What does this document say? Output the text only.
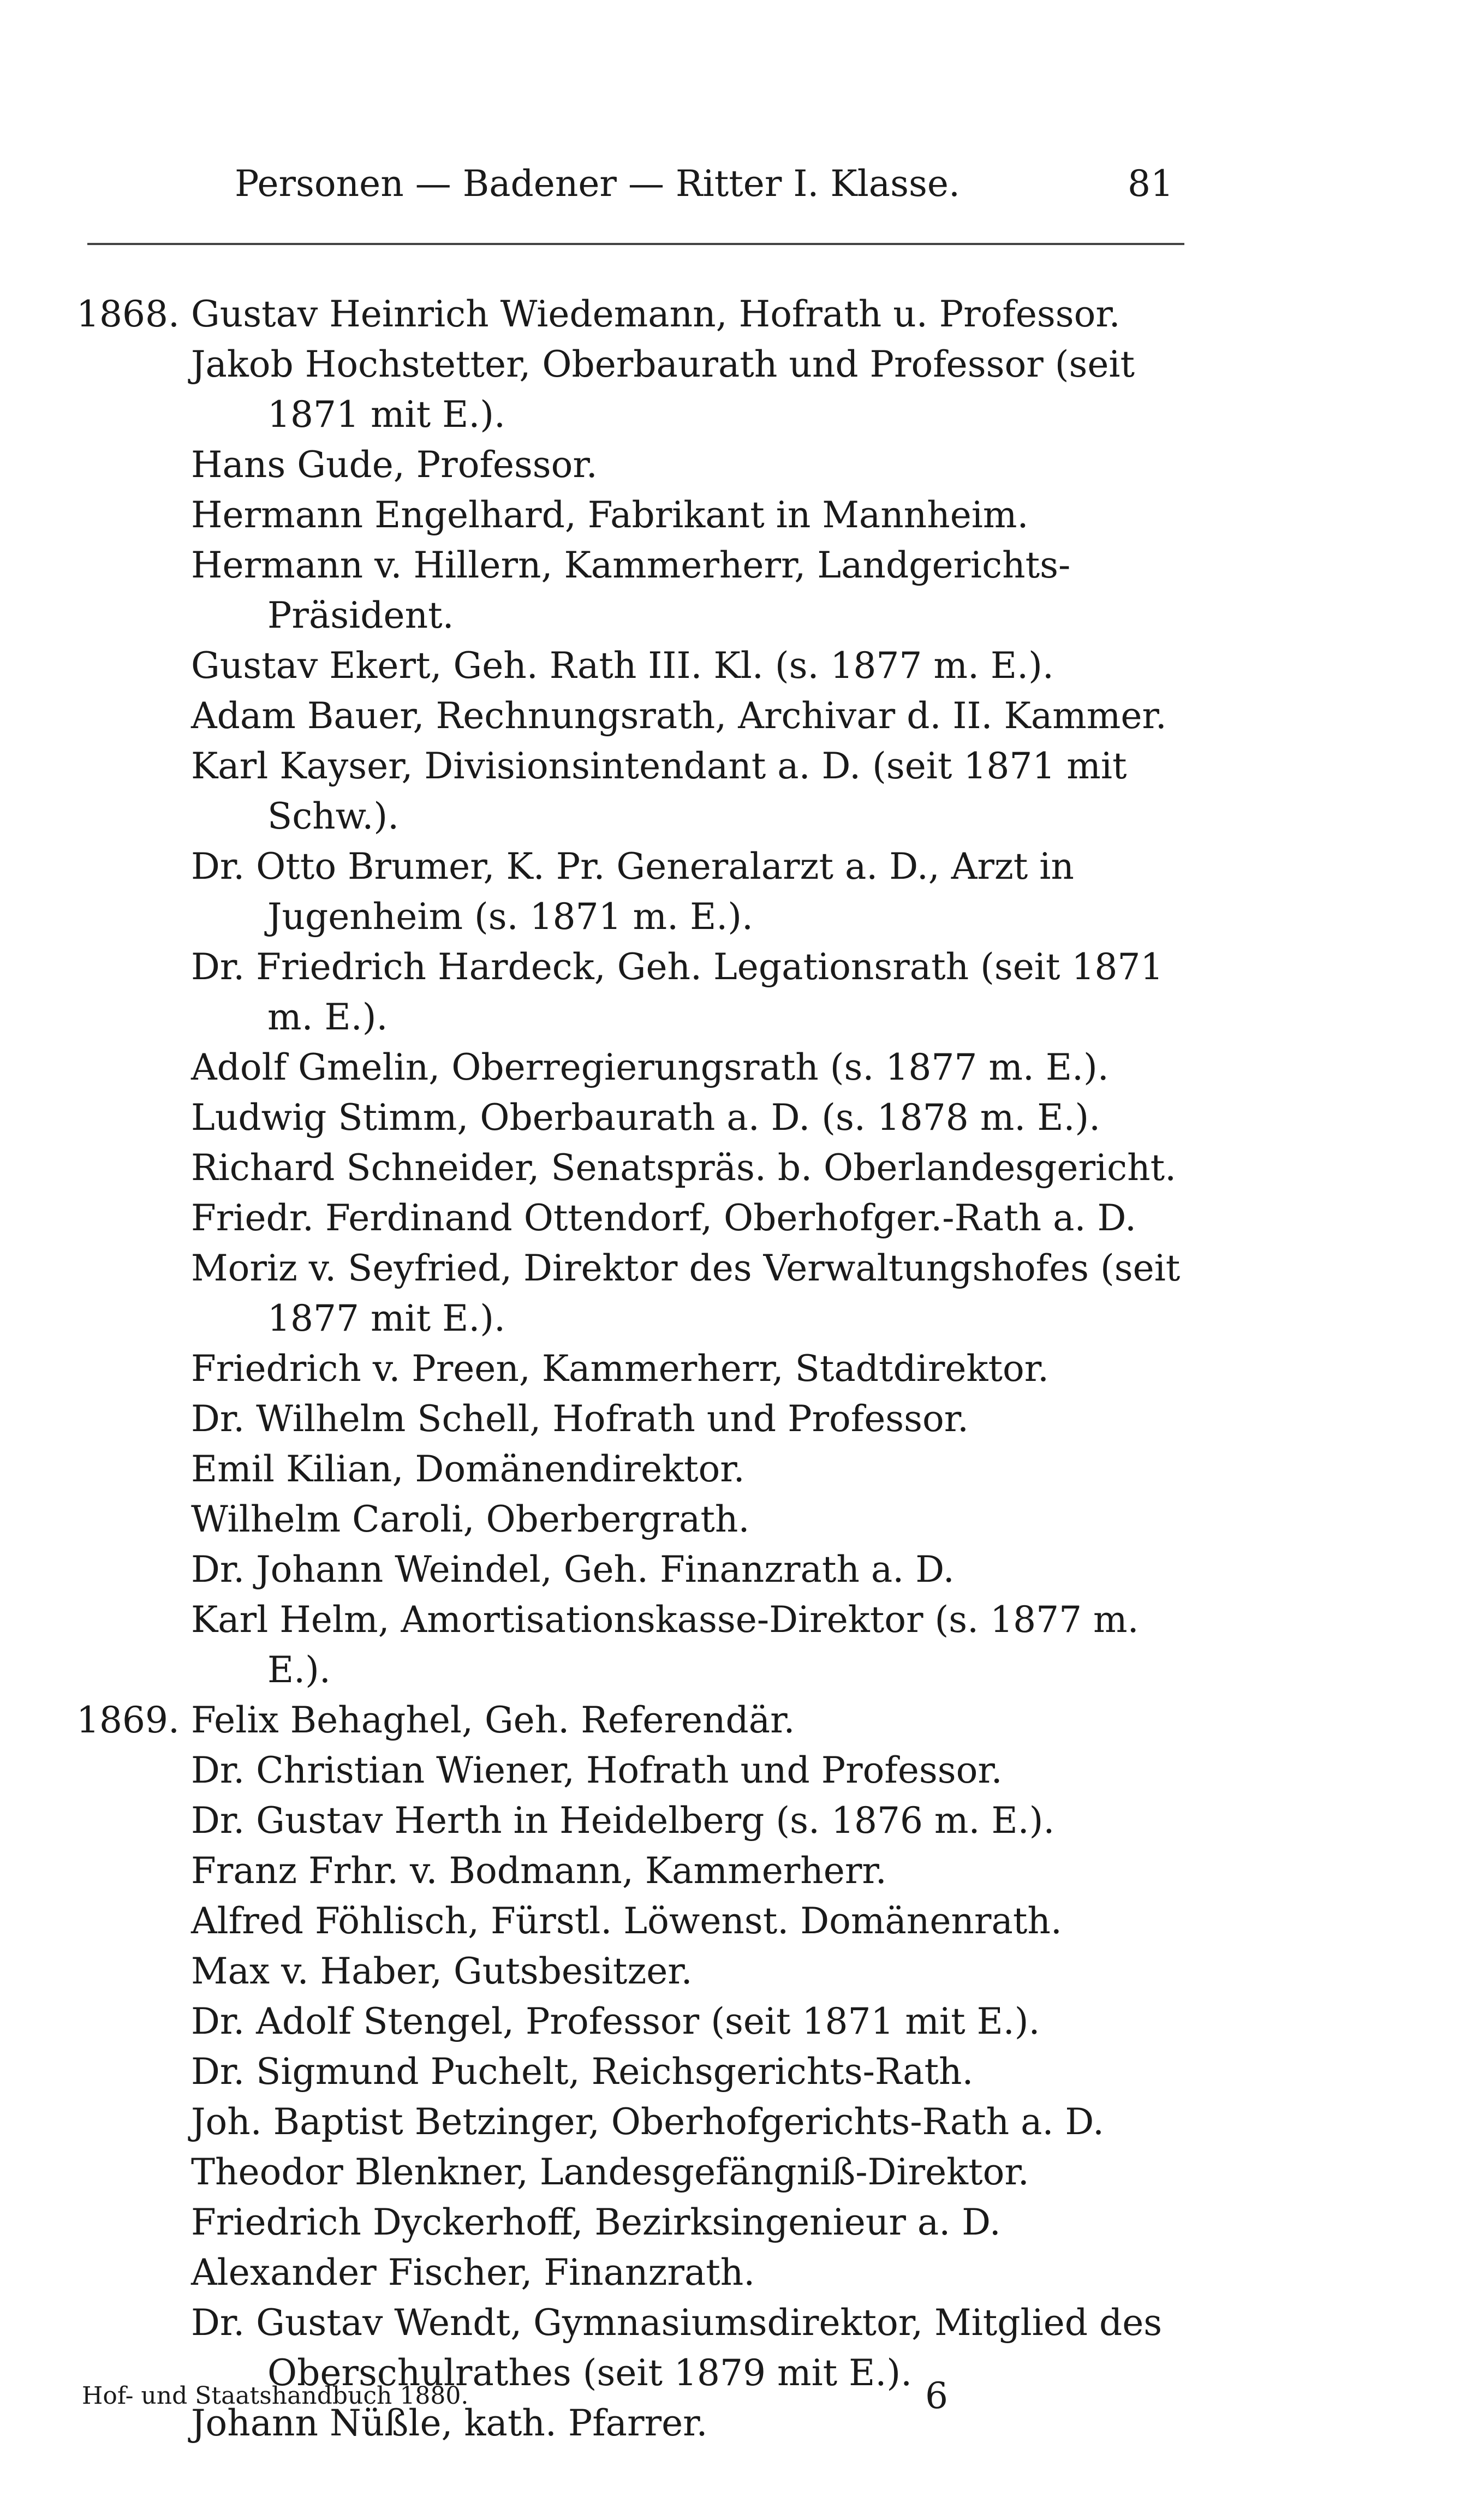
Personen — Badener — Ritter I. Klasse.	81
1868. Gustav Heinrich Wiedemann, Hofrath u. Professor.
Jakob Hochstetter, Oberbaurath und Professor (seit 1871 mit E.).
Hans Gude, Professor.
Hermann Engelhard, Fabrikant in Mannheim.
Hermann v. Hillern, Kammerherr, Landgerichts-Präsident.
Gustav Ekert, Geh. Rath III. Kl. (s. 1877 m. E.).
Adam Bauer, Rechnungsrath, Archivar d. II. Kammer.
Karl Kayser, Divisionsintendant a. D. (seit 1871 mit Schw.).
Dr. Otto Brumer, K. Pr. Generalarzt a. D., Arzt in Jugenheim (s. 1871 m. E.).
Dr. Friedrich Hardeck, Geh. Legationsrath (seit 1871 m. E.).
Adolf Gmelin, Oberregierungsrath (s. 1877 m. E.).
Ludwig Stimm, Oberbaurath a. D. (s. 1878 m. E.).
Richard Schneider, Senatspräs. b. Oberlandesgericht.
Friedr. Ferdinand Ottendorf, Oberhofger.-Rath a. D.
Moriz v. Seyfried, Direktor des Verwaltungshofes (seit 1877 mit E.).
Friedrich v. Preen, Kammerherr, Stadtdirektor.
Dr. Wilhelm Schell, Hofrath und Professor.
Emil Kilian, Domänendirektor.
Wilhelm Caroli, Oberbergrath.
Dr. Johann Weindel, Geh. Finanzrath a. D.
Karl Helm, Amortisationskasse-Direktor (s. 1877 m. E.).
1869. Felix Behaghel, Geh. Referendär.
Dr. Christian Wiener, Hofrath und Professor.
Dr. Gustav Herth in Heidelberg (s. 1876 m. E.).
Franz Frhr. v. Bodmann, Kammerherr.
Alfred Föhlisch, Fürstl. Löwenst. Domänenrath.
Max v. Haber, Gutsbesitzer.
Dr. Adolf Stengel, Professor (seit 1871 mit E.).
Dr. Sigmund Puchelt, Reichsgerichts-Rath.
Joh. Baptist Betzinger, Oberhofgerichts-Rath a. D.
Theodor Blenkner, Landesgefängniß-Direktor.
Friedrich Dyckerhoff, Bezirksingenieur a. D.
Alexander Fischer, Finanzrath.
Dr. Gustav Wendt, Gymnasiumsdirektor, Mitglied des Oberschulrathes (seit 1879 mit E.).
Johann Nüßle, kath. Pfarrer.
Hof- und Staatshandbuch 1880.	6
